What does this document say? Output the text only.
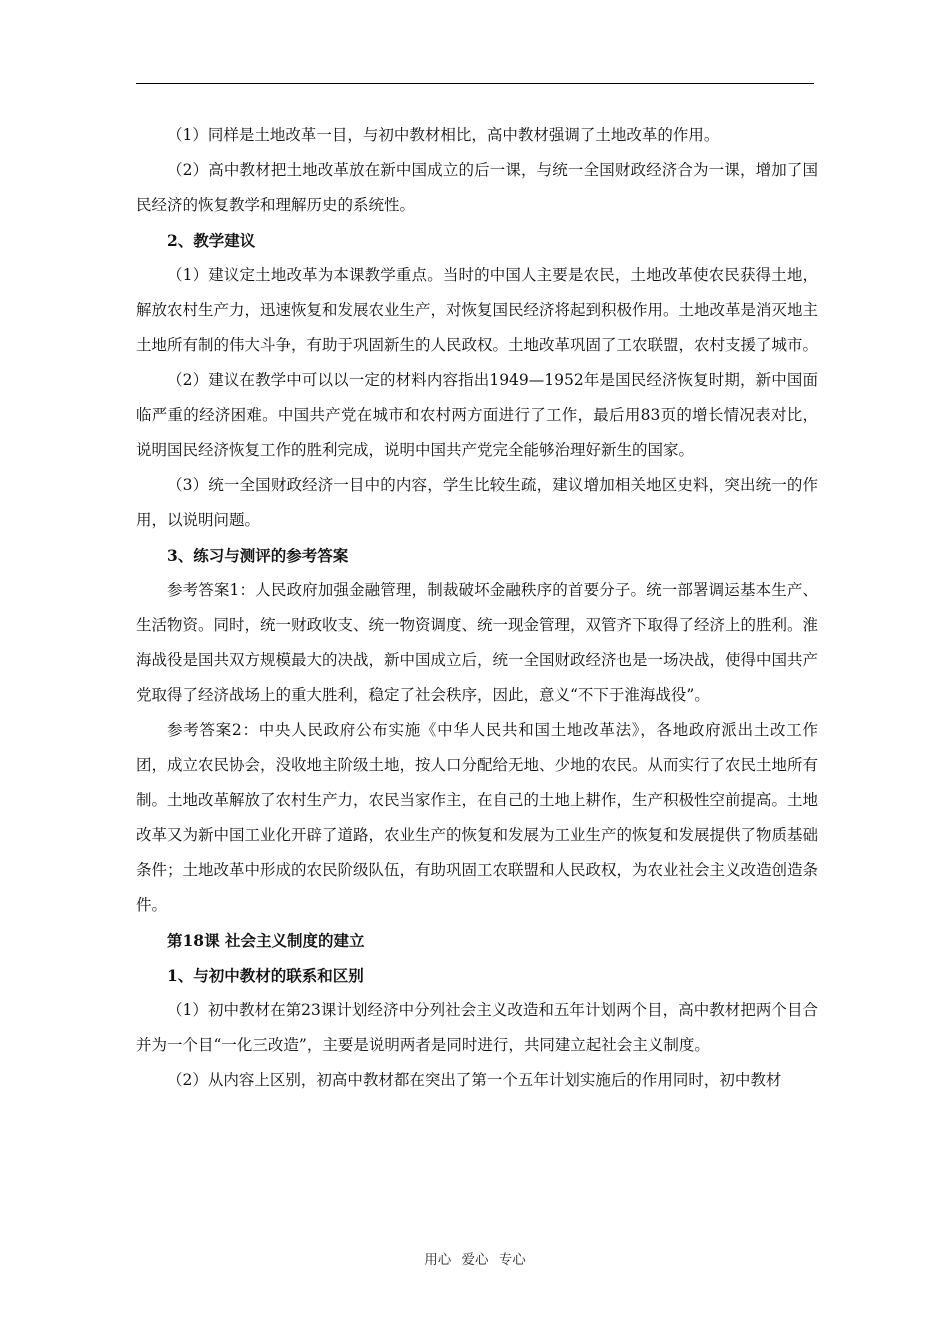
（1）同样是土地改革一目，与初中教材相比，高中教材强调了土地改革的作用。

（2）高中教材把土地改革放在新中国成立的后一课，与统一全国财政经济合为一课，增加了国民经济的恢复教学和理解历史的系统性。

2、教学建议

（1）建议定土地改革为本课教学重点。当时的中国人主要是农民，土地改革使农民获得土地，解放农村生产力，迅速恢复和发展农业生产，对恢复国民经济将起到积极作用。土地改革是消灭地主土地所有制的伟大斗争，有助于巩固新生的人民政权。土地改革巩固了工农联盟，农村支援了城市。

（2）建议在教学中可以以一定的材料内容指出1949—1952年是国民经济恢复时期，新中国面临严重的经济困难。中国共产党在城市和农村两方面进行了工作，最后用83页的增长情况表对比，说明国民经济恢复工作的胜利完成，说明中国共产党完全能够治理好新生的国家。

（3）统一全国财政经济一目中的内容，学生比较生疏，建议增加相关地区史料，突出统一的作用，以说明问题。

3、练习与测评的参考答案

参考答案1：人民政府加强金融管理，制裁破坏金融秩序的首要分子。统一部署调运基本生产、生活物资。同时，统一财政收支、统一物资调度、统一现金管理，双管齐下取得了经济上的胜利。淮海战役是国共双方规模最大的决战，新中国成立后，统一全国财政经济也是一场决战，使得中国共产党取得了经济战场上的重大胜利，稳定了社会秩序，因此，意义“不下于淮海战役”。

参考答案2：中央人民政府公布实施《中华人民共和国土地改革法》，各地政府派出土改工作团，成立农民协会，没收地主阶级土地，按人口分配给无地、少地的农民。从而实行了农民土地所有制。土地改革解放了农村生产力，农民当家作主，在自己的土地上耕作，生产积极性空前提高。土地改革又为新中国工业化开辟了道路，农业生产的恢复和发展为工业生产的恢复和发展提供了物质基础条件；土地改革中形成的农民阶级队伍，有助巩固工农联盟和人民政权，为农业社会主义改造创造条件。

第18课 社会主义制度的建立

1、与初中教材的联系和区别

（1）初中教材在第23课计划经济中分列社会主义改造和五年计划两个目，高中教材把两个目合并为一个目“一化三改造”，主要是说明两者是同时进行，共同建立起社会主义制度。

（2）从内容上区别，初高中教材都在突出了第一个五年计划实施后的作用同时，初中教材

用心 爱心 专心
